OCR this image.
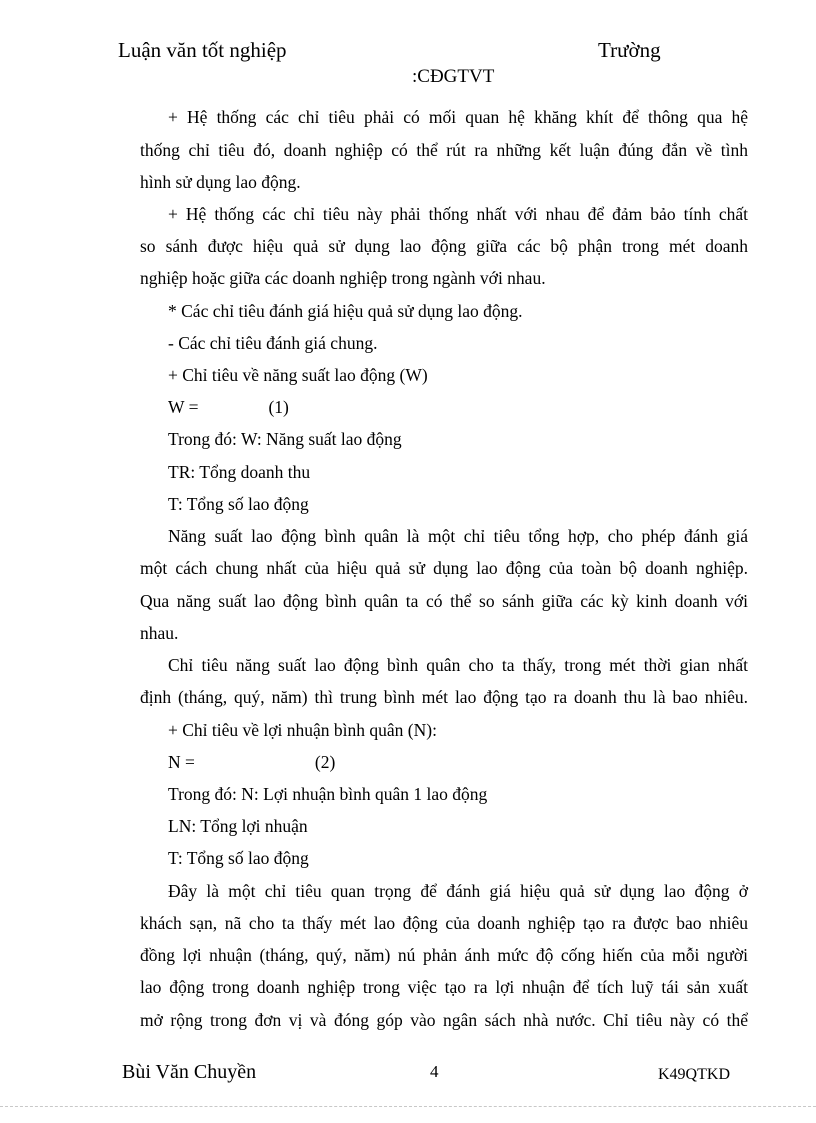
Luận văn tốt nghiệp	Trường
:CĐGTVT
+ Hệ thống các chỉ tiêu phải có mối quan hệ khăng khít để thông qua hệ
thống chỉ tiêu đó, doanh nghiệp có thể rút ra những kết luận đúng đắn về tình
hình sử dụng lao động.
+ Hệ thống các chỉ tiêu này phải thống nhất với nhau để đảm bảo tính chất
so sánh được hiệu quả sử dụng lao động giữa các bộ phận trong mét doanh
nghiệp hoặc giữa các doanh nghiệp trong ngành với nhau.
* Các chỉ tiêu đánh giá hiệu quả sử dụng lao động.
- Các chỉ tiêu đánh giá chung.
+ Chỉ tiêu về năng suất lao động (W)
W =	(1)
Trong đó: W: Năng suất lao động
TR: Tổng doanh thu
T: Tổng số lao động
Năng suất lao động bình quân là một chỉ tiêu tổng hợp, cho phép đánh giá
một cách chung nhất của hiệu quả sử dụng lao động của toàn bộ doanh nghiệp.
Qua năng suất lao động bình quân ta có thể so sánh giữa các kỳ kinh doanh với
nhau.
Chỉ tiêu năng suất lao động bình quân cho ta thấy, trong mét thời gian nhất
định (tháng, quý, năm) thì trung bình mét lao động tạo ra doanh thu là bao nhiêu.
+ Chỉ tiêu về lợi nhuận bình quân (N):
N =	(2)
Trong đó: N: Lợi nhuận bình quân 1 lao động
LN: Tổng lợi nhuận
T: Tổng số lao động
Đây là một chỉ tiêu quan trọng để đánh giá hiệu quả sử dụng lao động ở
khách sạn, nã cho ta thấy mét lao động của doanh nghiệp tạo ra được bao nhiêu
đồng lợi nhuận (tháng, quý, năm) nú phản ánh mức độ cống hiến của mỗi người
lao động trong doanh nghiệp trong việc tạo ra lợi nhuận để tích luỹ tái sản xuất
mở rộng trong đơn vị và đóng góp vào ngân sách nhà nước. Chỉ tiêu này có thể
Bùi Văn Chuyền	4	K49QTKD
